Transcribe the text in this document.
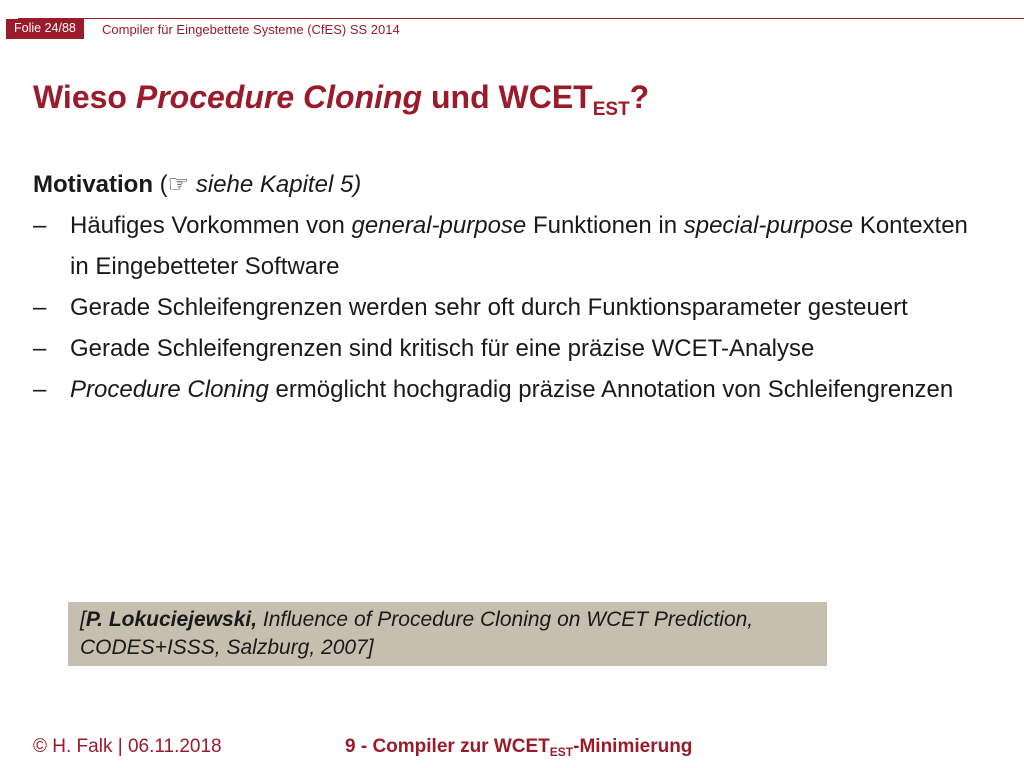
Folie 24/88	Compiler für Eingebettete Systeme (CfES) SS 2014
Wieso Procedure Cloning und $WCET_{EST}$?
Motivation (☞ siehe Kapitel 5)
– Häufiges Vorkommen von general-purpose Funktionen in special-purpose Kontexten in Eingebetteter Software
– Gerade Schleifengrenzen werden sehr oft durch Funktionsparameter gesteuert
– Gerade Schleifengrenzen sind kritisch für eine präzise WCET-Analyse
– Procedure Cloning ermöglicht hochgradig präzise Annotation von Schleifengrenzen
[P. Lokuciejewski, Influence of Procedure Cloning on WCET Prediction, CODES+ISSS, Salzburg, 2007]
© H. Falk | 06.11.2018	9 - Compiler zur $WCET_{EST}$-Minimierung
